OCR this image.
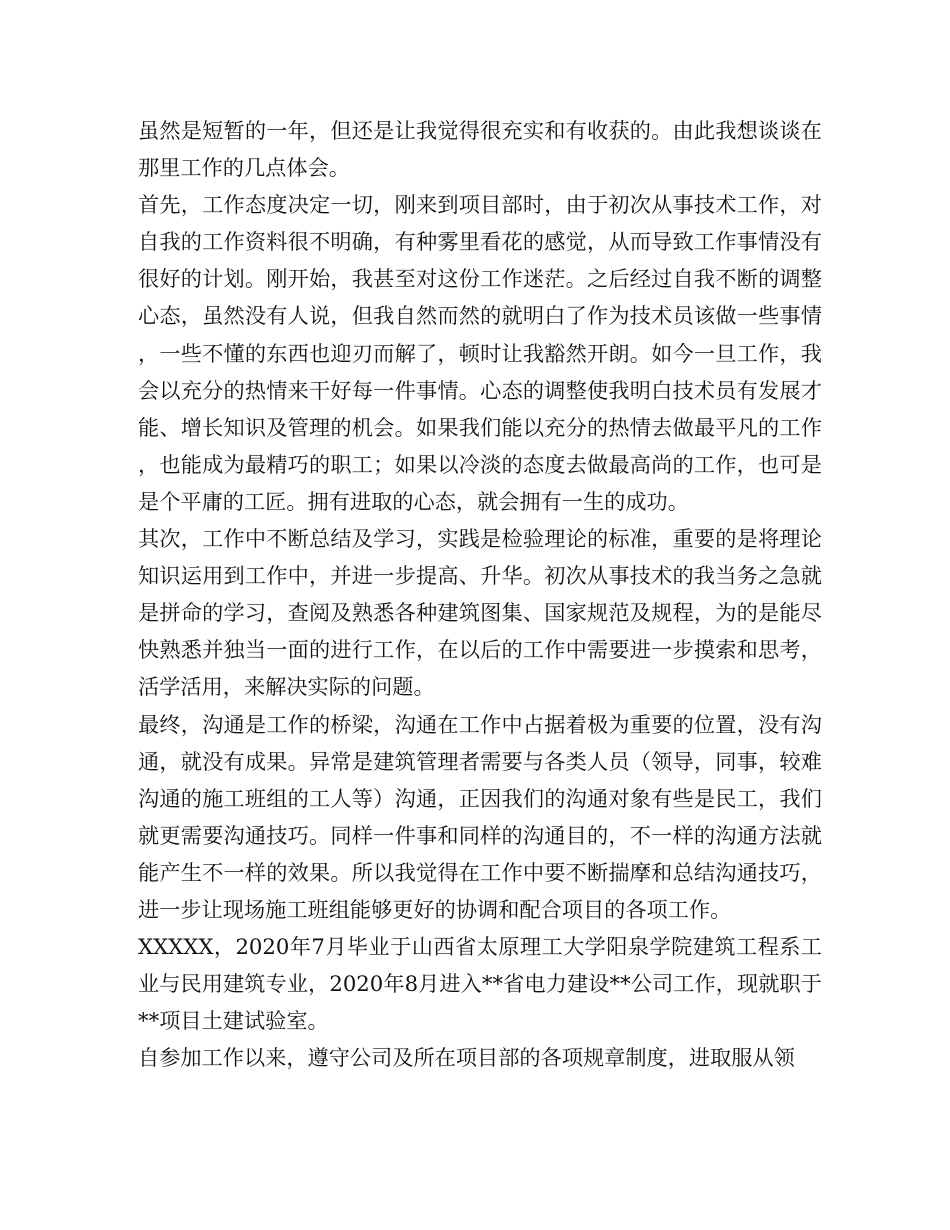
虽然是短暂的一年，但还是让我觉得很充实和有收获的。由此我想谈谈在那里工作的几点体会。

首先，工作态度决定一切，刚来到项目部时，由于初次从事技术工作，对自我的工作资料很不明确，有种雾里看花的感觉，从而导致工作事情没有很好的计划。刚开始，我甚至对这份工作迷茫。之后经过自我不断的调整心态，虽然没有人说，但我自然而然的就明白了作为技术员该做一些事情，一些不懂的东西也迎刃而解了，顿时让我豁然开朗。如今一旦工作，我会以充分的热情来干好每一件事情。心态的调整使我明白技术员有发展才能、增长知识及管理的机会。如果我们能以充分的热情去做最平凡的工作，也能成为最精巧的职工；如果以冷淡的态度去做最高尚的工作，也可是是个平庸的工匠。拥有进取的心态，就会拥有一生的成功。

其次，工作中不断总结及学习，实践是检验理论的标准，重要的是将理论知识运用到工作中，并进一步提高、升华。初次从事技术的我当务之急就是拼命的学习，查阅及熟悉各种建筑图集、国家规范及规程，为的是能尽快熟悉并独当一面的进行工作，在以后的工作中需要进一步摸索和思考，活学活用，来解决实际的问题。

最终，沟通是工作的桥梁，沟通在工作中占据着极为重要的位置，没有沟通，就没有成果。异常是建筑管理者需要与各类人员（领导，同事，较难沟通的施工班组的工人等）沟通，正因我们的沟通对象有些是民工，我们就更需要沟通技巧。同样一件事和同样的沟通目的，不一样的沟通方法就能产生不一样的效果。所以我觉得在工作中要不断揣摩和总结沟通技巧，进一步让现场施工班组能够更好的协调和配合项目的各项工作。

XXXXX，2020年7月毕业于山西省太原理工大学阳泉学院建筑工程系工业与民用建筑专业，2020年8月进入**省电力建设**公司工作，现就职于**项目土建试验室。

自参加工作以来，遵守公司及所在项目部的各项规章制度，进取服从领
